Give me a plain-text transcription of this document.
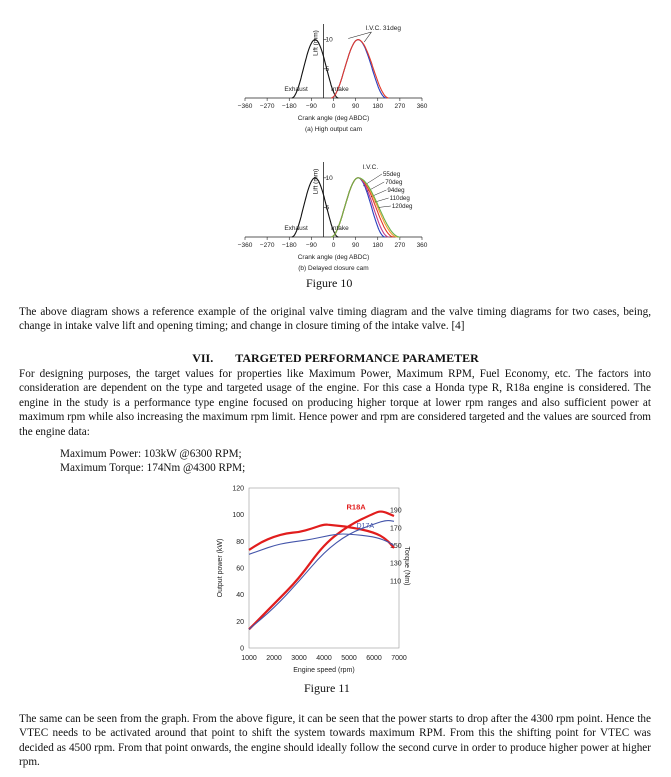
−360 −270 −180 −90 0	90 180 270 360
5
10
Lift (mm)
Crank angle (deg ABDC)
(a) High output cam
I.V.C. 31deg
Exhaust	Intake
−360 −270 −180 −90 0	90 180 270 360
5
10
Lift (mm)
Crank angle (deg ABDC)
(b) Delayed closure cam
55deg
70deg
94deg
110deg
120deg
I.V.C.
Exhaust	Intake
1000 2000 3000 4000 5000 6000 7000
0
20
40
60
80
100
120
110
130
150
170
190
Engine speed (rpm)
Output power (kW)	Torque (Nm)
R18A
D17A

Figure 10

The above diagram shows a reference example of the original valve timing diagram and the valve timing diagrams for two cases, being, change in intake valve lift and opening timing; and change in closure timing of the intake valve. [4]

VII. TARGETED PERFORMANCE PARAMETER

For designing purposes, the target values for properties like Maximum Power, Maximum RPM, Fuel Economy, etc. The factors into consideration are dependent on the type and targeted usage of the engine. For this case a Honda type R, R18a engine is considered. The engine in the study is a performance type engine focused on producing higher torque at lower rpm ranges and also sufficient power at maximum rpm while also increasing the maximum rpm limit. Hence power and rpm are considered targeted and the values are sourced from the engine data:

Maximum Power: 103kW @6300 RPM;

Maximum Torque: 174Nm @4300 RPM;

Figure 11

The same can be seen from the graph. From the above figure, it can be seen that the power starts to drop after the 4300 rpm point. Hence the VTEC needs to be activated around that point to shift the system towards maximum RPM. From this the shifting point for VTEC was decided as 4500 rpm. From that point onwards, the engine should ideally follow the second curve in order to produce higher power at higher rpm.
